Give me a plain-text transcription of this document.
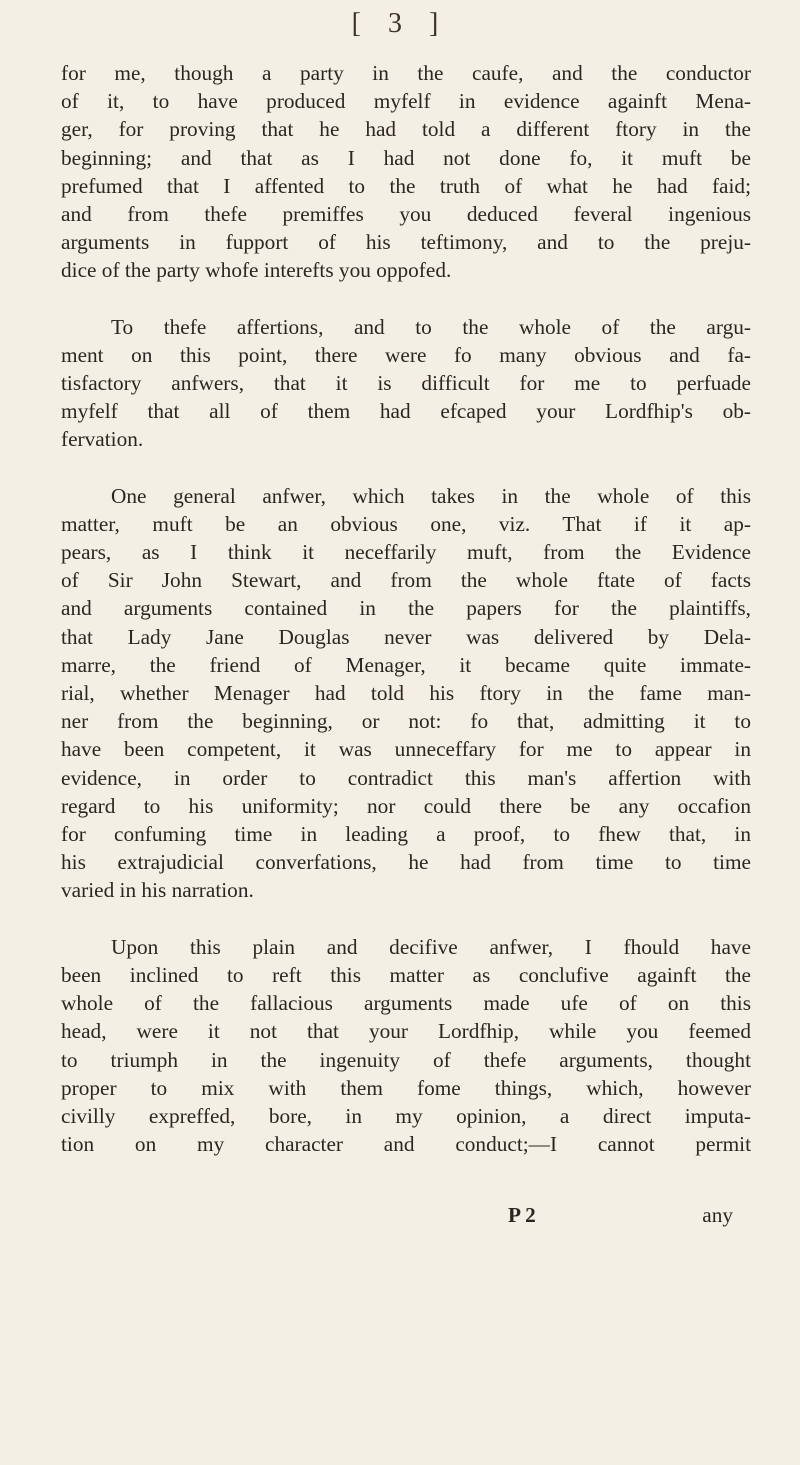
[ 3 ]

for me, though a party in the caufe, and the conductor
of it, to have produced myfelf in evidence againft Mena-
ger, for proving that he had told a different ftory in the
beginning; and that as I had not done fo, it muft be
prefumed that I affented to the truth of what he had faid;
and from thefe premiffes you deduced feveral ingenious
arguments in fupport of his teftimony, and to the preju-
dice of the party whofe interefts you oppofed.

To thefe affertions, and to the whole of the argu-
ment on this point, there were fo many obvious and fa-
tisfactory anfwers, that it is difficult for me to perfuade
myfelf that all of them had efcaped your Lordfhip's ob-
fervation.

One general anfwer, which takes in the whole of this
matter, muft be an obvious one, viz. That if it ap-
pears, as I think it neceffarily muft, from the Evidence
of Sir John Stewart, and from the whole ftate of facts
and arguments contained in the papers for the plaintiffs,
that Lady Jane Douglas never was delivered by Dela-
marre, the friend of Menager, it became quite immate-
rial, whether Menager had told his ftory in the fame man-
ner from the beginning, or not: fo that, admitting it to
have been competent, it was unneceffary for me to appear in
evidence, in order to contradict this man's affertion with
regard to his uniformity; nor could there be any occafion
for confuming time in leading a proof, to fhew that, in
his extrajudicial converfations, he had from time to time
varied in his narration.

Upon this plain and decifive anfwer, I fhould have
been inclined to reft this matter as conclufive againft the
whole of the fallacious arguments made ufe of on this
head, were it not that your Lordfhip, while you feemed
to triumph in the ingenuity of thefe arguments, thought
proper to mix with them fome things, which, however
civilly expreffed, bore, in my opinion, a direct imputa-
tion on my character and conduct;—I cannot permit

P 2	any
